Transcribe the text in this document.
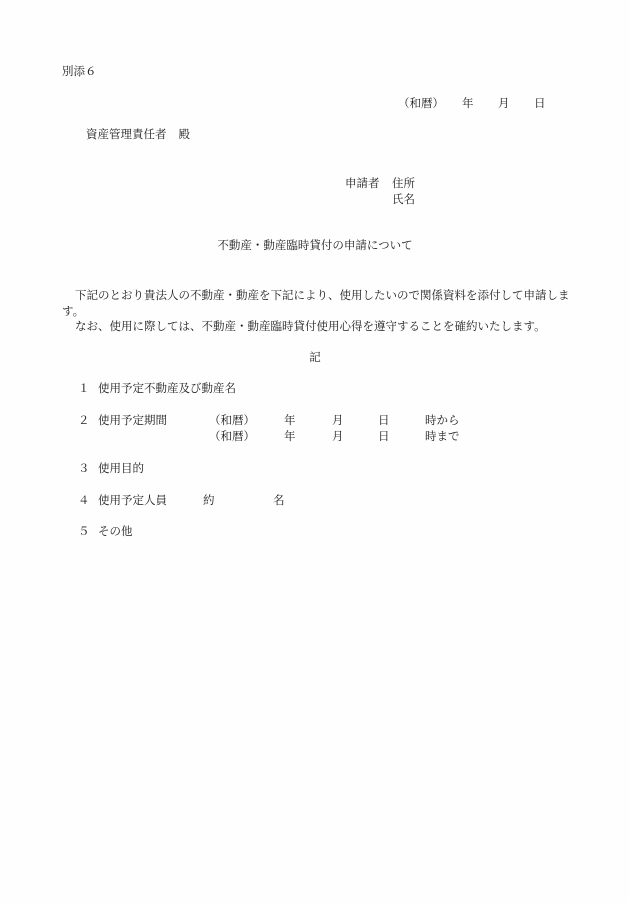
別添６
（和暦） 年 月 日
資産管理責任者 殿
申請者 住所
氏名
不動産・動産臨時貸付の申請について
下記のとおり貴法人の不動産・動産を下記により、使用したいので関係資料を添付して申請します。
なお、使用に際しては、不動産・動産臨時貸付使用心得を遵守することを確約いたします。
記
１ 使用予定不動産及び動産名
２ 使用予定期間	（和暦）	年	月	日	時から
（和暦）	年	月	日	時まで
３ 使用目的
４ 使用予定人員	約	名
５ その他
